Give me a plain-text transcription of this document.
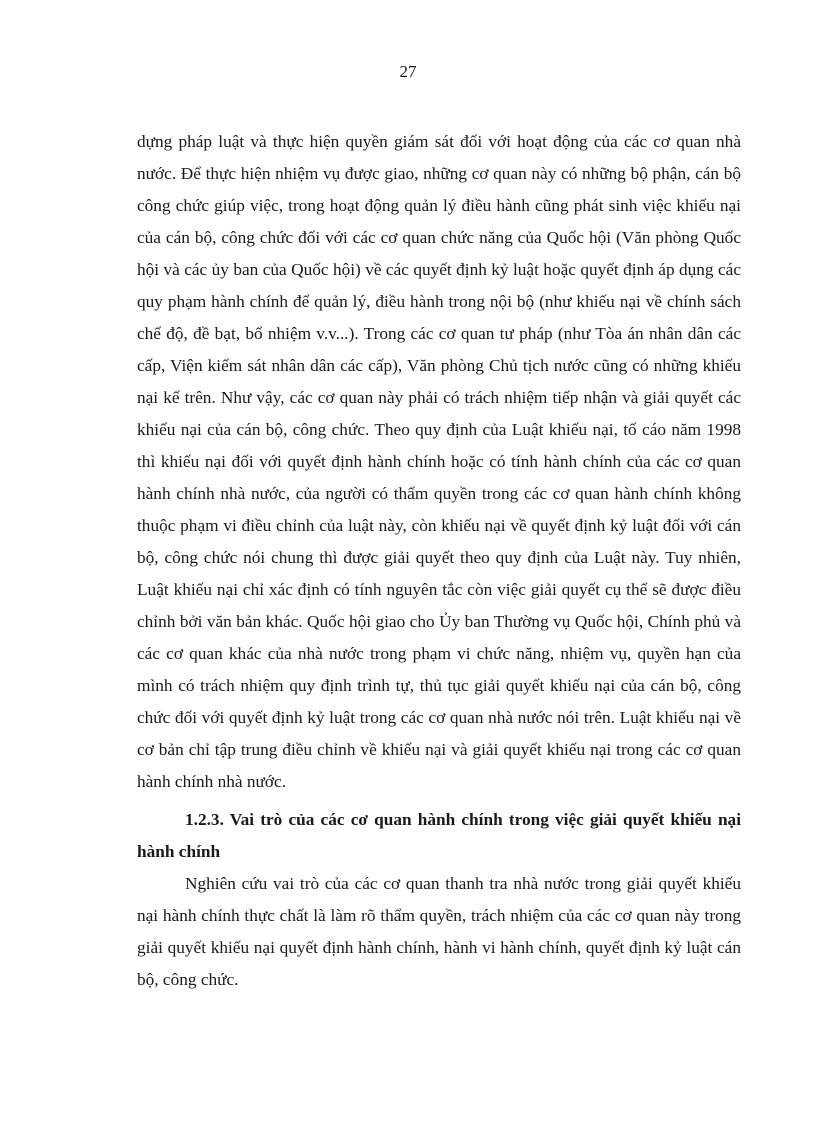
27

dựng pháp luật và thực hiện quyền giám sát đối với hoạt động của các cơ quan nhà nước. Để thực hiện nhiệm vụ được giao, những cơ quan này có những bộ phận, cán bộ công chức giúp việc, trong hoạt động quản lý điều hành cũng phát sinh việc khiếu nại của cán bộ, công chức đối với các cơ quan chức năng của Quốc hội (Văn phòng Quốc hội và các ủy ban của Quốc hội) về các quyết định kỷ luật hoặc quyết định áp dụng các quy phạm hành chính để quản lý, điều hành trong nội bộ (như khiếu nại về chính sách chế độ, đề bạt, bổ nhiệm v.v...). Trong các cơ quan tư pháp (như Tòa án nhân dân các cấp, Viện kiểm sát nhân dân các cấp), Văn phòng Chủ tịch nước cũng có những khiếu nại kể trên. Như vậy, các cơ quan này phải có trách nhiệm tiếp nhận và giải quyết các khiếu nại của cán bộ, công chức. Theo quy định của Luật khiếu nại, tố cáo năm 1998 thì khiếu nại đối với quyết định hành chính hoặc có tính hành chính của các cơ quan hành chính nhà nước, của người có thẩm quyền trong các cơ quan hành chính không thuộc phạm vi điều chỉnh của luật này, còn khiếu nại về quyết định kỷ luật đối với cán bộ, công chức nói chung thì được giải quyết theo quy định của Luật này. Tuy nhiên, Luật khiếu nại chỉ xác định có tính nguyên tắc còn việc giải quyết cụ thể sẽ được điều chỉnh bởi văn bản khác. Quốc hội giao cho Ủy ban Thường vụ Quốc hội, Chính phủ và các cơ quan khác của nhà nước trong phạm vi chức năng, nhiệm vụ, quyền hạn của mình có trách nhiệm quy định trình tự, thủ tục giải quyết khiếu nại của cán bộ, công chức đối với quyết định kỷ luật trong các cơ quan nhà nước nói trên. Luật khiếu nại về cơ bản chỉ tập trung điều chỉnh về khiếu nại và giải quyết khiếu nại trong các cơ quan hành chính nhà nước.

1.2.3. Vai trò của các cơ quan hành chính trong việc giải quyết khiếu nại hành chính

Nghiên cứu vai trò của các cơ quan thanh tra nhà nước trong giải quyết khiếu nại hành chính thực chất là làm rõ thẩm quyền, trách nhiệm của các cơ quan này trong giải quyết khiếu nại quyết định hành chính, hành vi hành chính, quyết định kỷ luật cán bộ, công chức.
